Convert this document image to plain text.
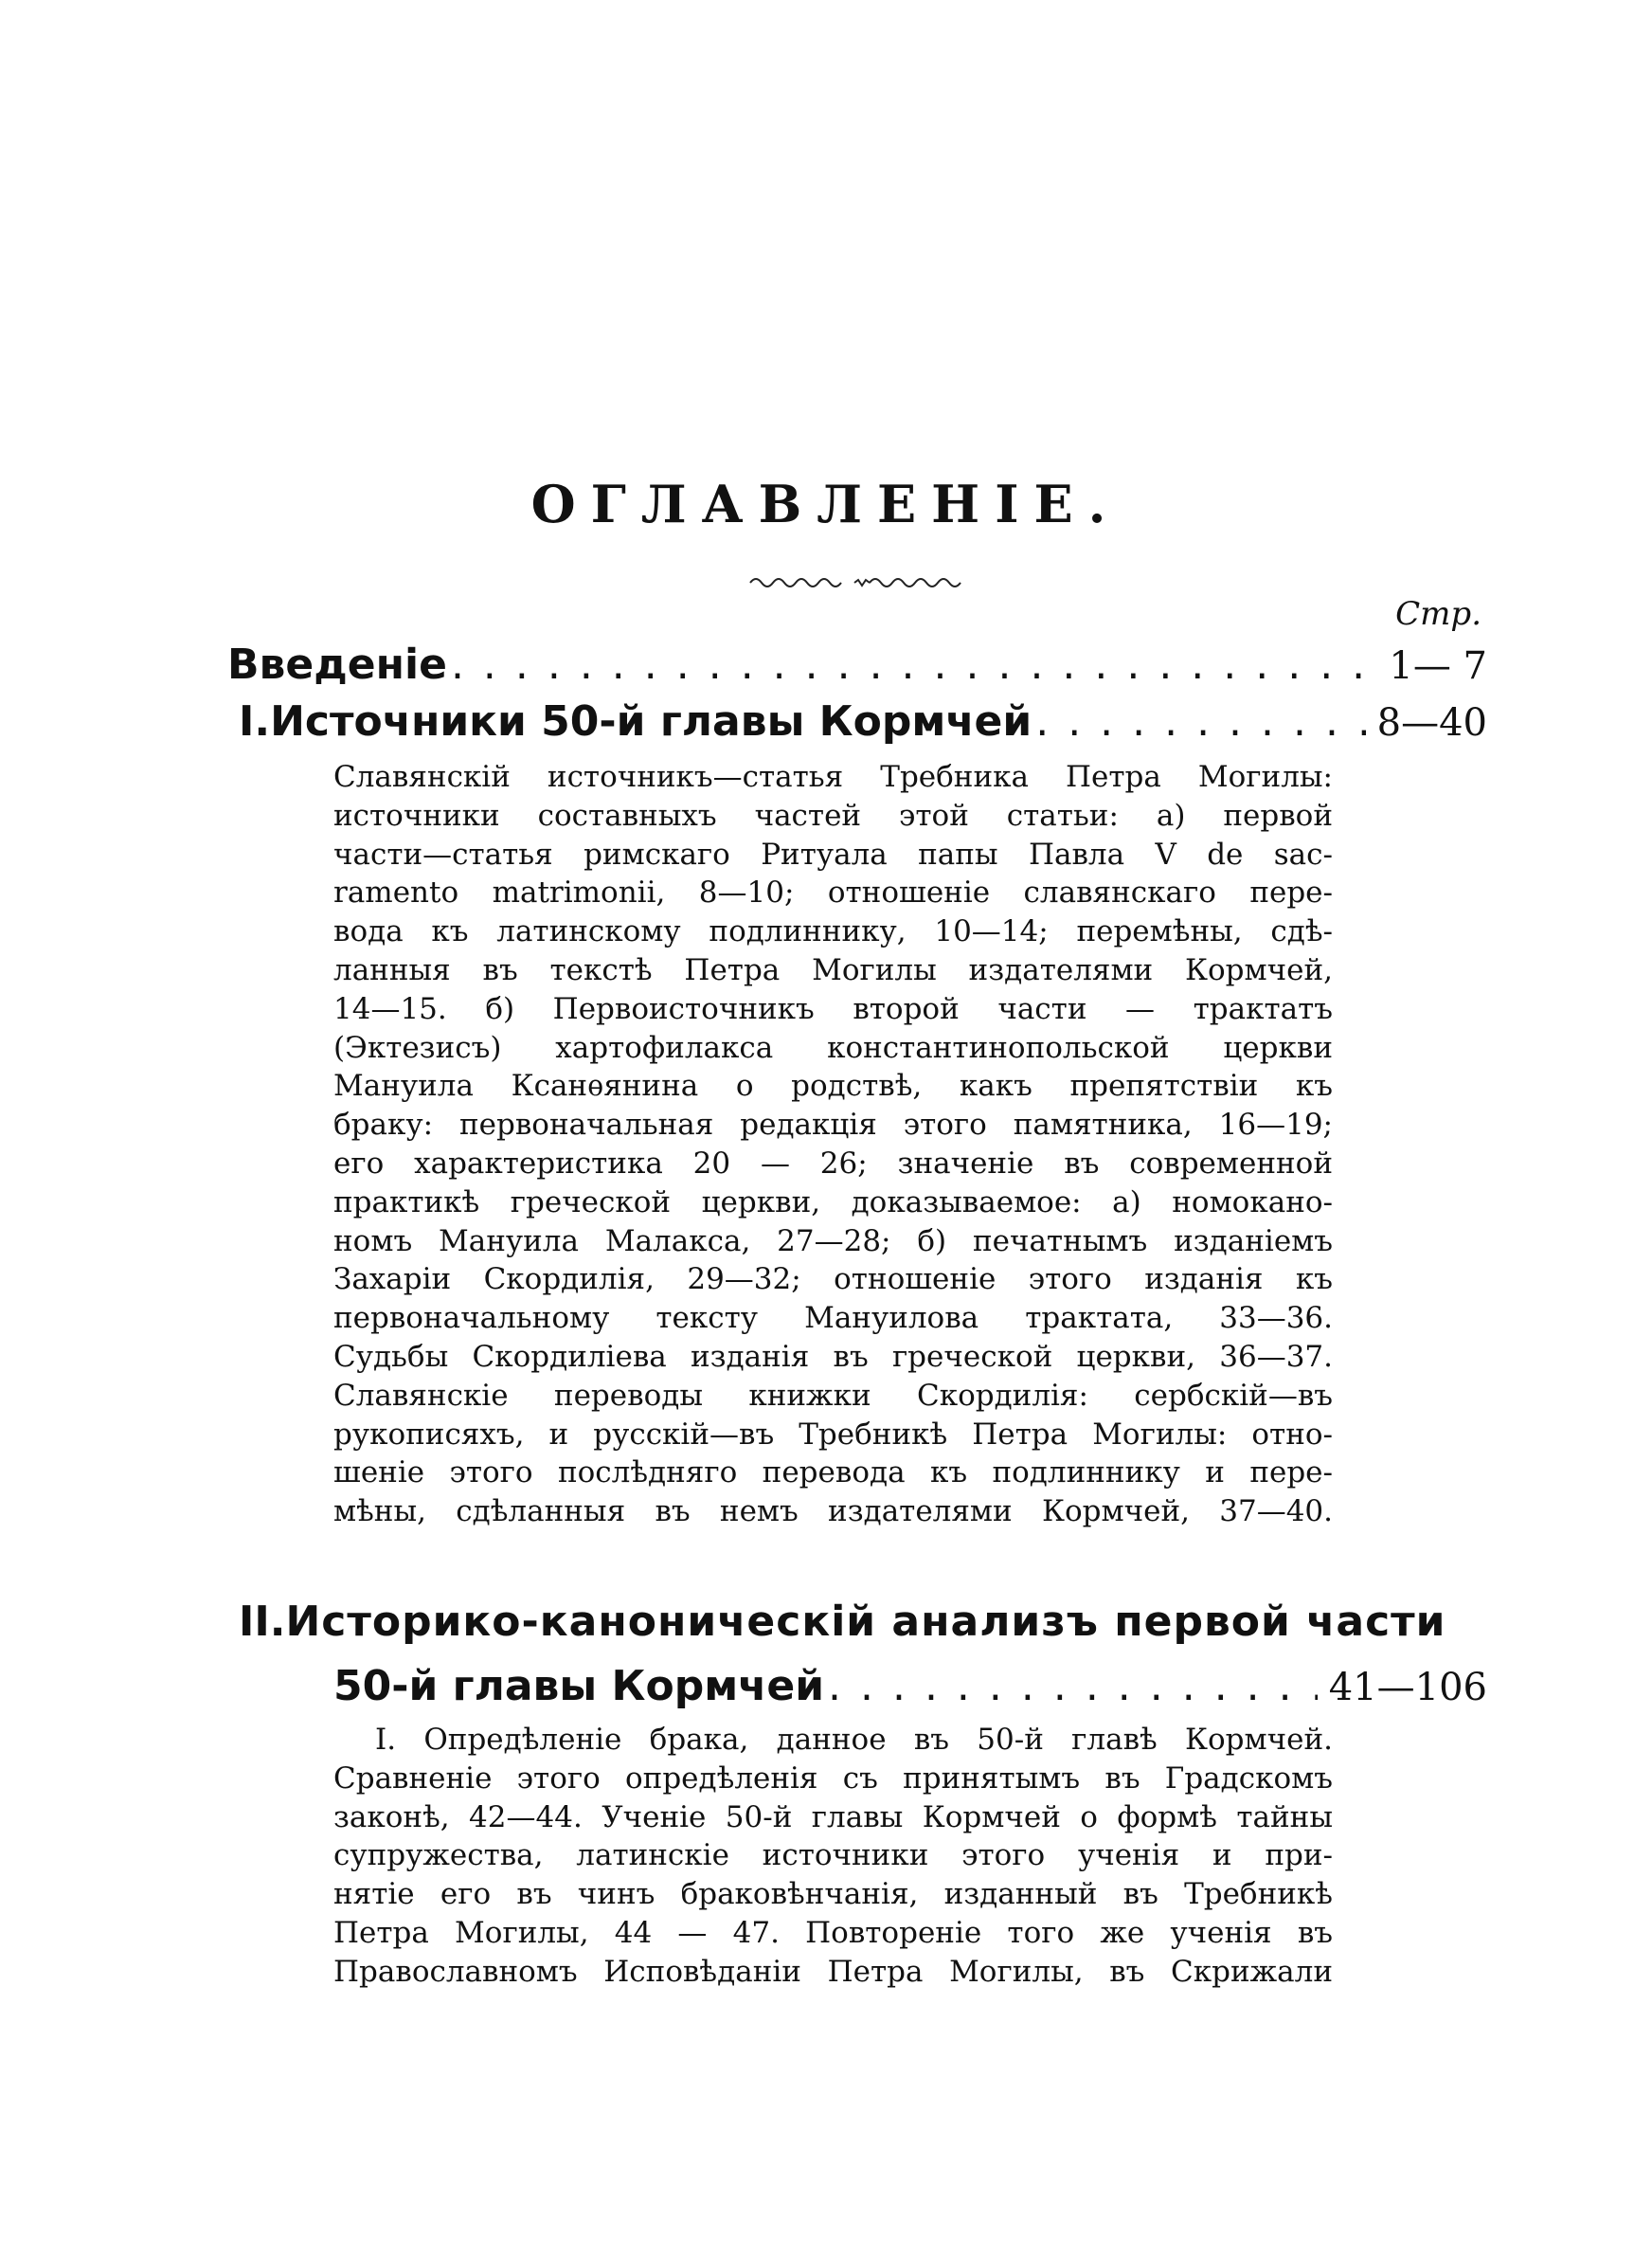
ОГЛАВЛЕНІЕ.
Стр.
Введеніе . . .	1— 7
I. Источники 50-й главы Кормчей . . .	8—40
Славянскій источникъ—статья Требника Петра Могилы:
источники составныхъ частей этой статьи: а) первой
части—статья римскаго Ритуала папы Павла V de sac-
ramento matrimonii, 8—10; отношеніе славянскаго пере-
вода къ латинскому подлиннику, 10—14; перемѣны, сдѣ-
ланныя въ текстѣ Петра Могилы издателями Кормчей,
14—15. б) Первоисточникъ второй части — трактатъ
(Эктезисъ) хартофилакса константинопольской церкви
Мануила Ксанѳянина о родствѣ, какъ препятствіи къ
браку: первоначальная редакція этого памятника, 16—19;
его характеристика 20 — 26; значеніе въ современной
практикѣ греческой церкви, доказываемое: а) номокано-
номъ Мануила Малакса, 27—28; б) печатнымъ изданіемъ
Захаріи Скордилія, 29—32; отношеніе этого изданія къ
первоначальному тексту Мануилова трактата, 33—36.
Судьбы Скордиліева изданія въ греческой церкви, 36—37.
Славянскіе переводы книжки Скордилія: сербскій—въ
рукописяхъ, и русскій—въ Требникѣ Петра Могилы: отно-
шеніе этого послѣдняго перевода къ подлиннику и пере-
мѣны, сдѣланныя въ немъ издателями Кормчей, 37—40.
II. Историко-каноническій анализъ первой части
50-й главы Кормчей . . .	41—106
I. Опредѣленіе брака, данное въ 50-й главѣ Кормчей.
Сравненіе этого опредѣленія съ принятымъ въ Градскомъ
законѣ, 42—44. Ученіе 50-й главы Кормчей о формѣ тайны
супружества, латинскіе источники этого ученія и при-
нятіе его въ чинъ браковѣнчанія, изданный въ Требникѣ
Петра Могилы, 44 — 47. Повтореніе того же ученія въ
Православномъ Исповѣданіи Петра Могилы, въ Скрижали
